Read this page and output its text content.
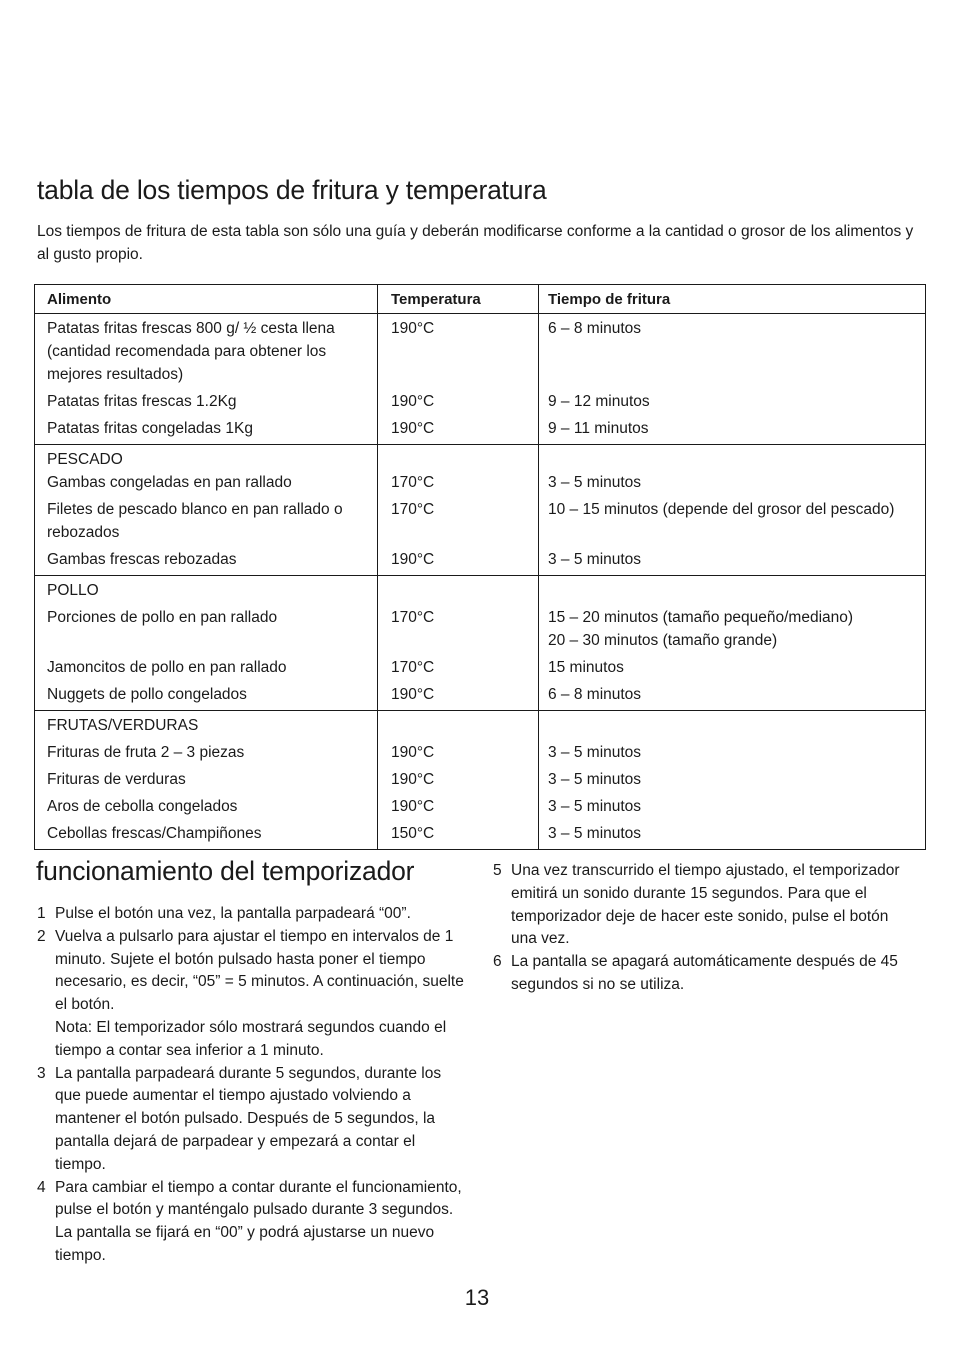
tabla de los tiempos de fritura y temperatura

Los tiempos de fritura de esta tabla son sólo una guía y deberán modificarse conforme a la cantidad o grosor de los alimentos y al gusto propio.

Alimento	Temperatura	Tiempo de fritura
Patatas fritas frescas 800 g/ ½ cesta llena (cantidad recomendada para obtener los mejores resultados)	190°C	6 – 8 minutos
Patatas fritas frescas 1.2Kg	190°C	9 – 12 minutos
Patatas fritas congeladas 1Kg	190°C	9 – 11 minutos
PESCADO		
Gambas congeladas en pan rallado	170°C	3 – 5 minutos
Filetes de pescado blanco en pan rallado o rebozados	170°C	10 – 15 minutos (depende del grosor del pescado)
Gambas frescas rebozadas	190°C	3 – 5 minutos
POLLO		
Porciones de pollo en pan rallado	170°C	15 – 20 minutos (tamaño pequeño/mediano)
20 – 30 minutos (tamaño grande)

Jamoncitos de pollo en pan rallado	170°C	15 minutos
Nuggets de pollo congelados	190°C	6 – 8 minutos
FRUTAS/VERDURAS		
Frituras de fruta 2 – 3 piezas	190°C	3 – 5 minutos
Frituras de verduras	190°C	3 – 5 minutos
Aros de cebolla congelados	190°C	3 – 5 minutos
Cebollas frescas/Champiñones	150°C	3 – 5 minutos
funcionamiento del temporizador
1 Pulse el botón una vez, la pantalla parpadeará “00”.
2 Vuelva a pulsarlo para ajustar el tiempo en intervalos de 1 minuto. Sujete el botón pulsado hasta poner el tiempo necesario, es decir, “05” = 5 minutos. A continuación, suelte el botón.
Nota: El temporizador sólo mostrará segundos cuando el tiempo a contar sea inferior a 1 minuto.
3 La pantalla parpadeará durante 5 segundos, durante los que puede aumentar el tiempo ajustado volviendo a mantener el botón pulsado. Después de 5 segundos, la pantalla dejará de parpadear y empezará a contar el tiempo.
4 Para cambiar el tiempo a contar durante el funcionamiento, pulse el botón y manténgalo pulsado durante 3 segundos. La pantalla se fijará en “00” y podrá ajustarse un nuevo tiempo.
5 Una vez transcurrido el tiempo ajustado, el temporizador emitirá un sonido durante 15 segundos. Para que el temporizador deje de hacer este sonido, pulse el botón una vez.
6 La pantalla se apagará automáticamente después de 45 segundos si no se utiliza.
13
